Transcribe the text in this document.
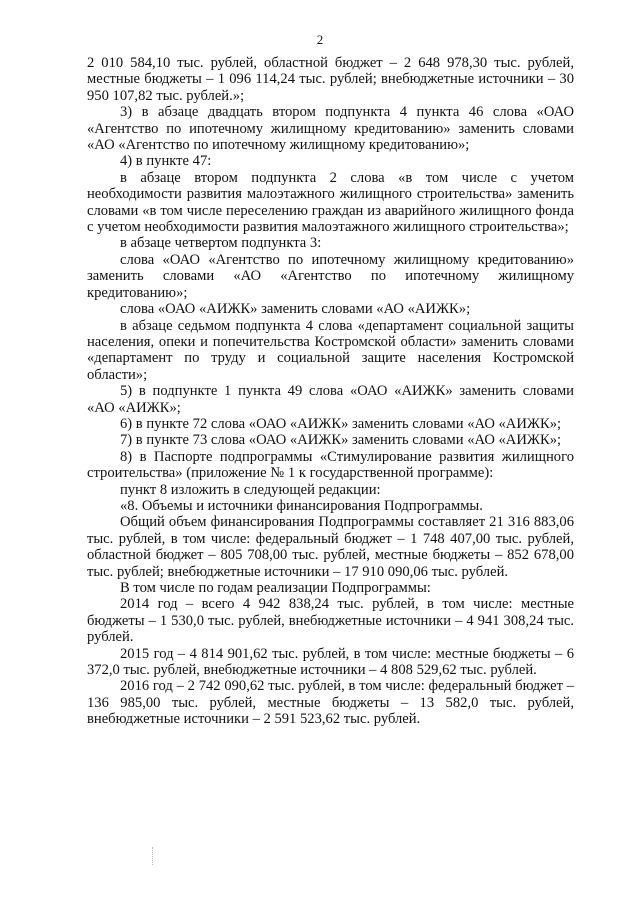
2

2 010 584,10 тыс. рублей, областной бюджет – 2 648 978,30 тыс. рублей, местные бюджеты – 1 096 114,24 тыс. рублей; внебюджетные источники – 30 950 107,82 тыс. рублей.»;

3) в абзаце двадцать втором подпункта 4 пункта 46 слова «ОАО «Агентство по ипотечному жилищному кредитованию» заменить словами «АО «Агентство по ипотечному жилищному кредитованию»;

4) в пункте 47:

в абзаце втором подпункта 2 слова «в том числе с учетом необходимости развития малоэтажного жилищного строительства» заменить словами «в том числе переселению граждан из аварийного жилищного фонда с учетом необходимости развития малоэтажного жилищного строительства»;

в абзаце четвертом подпункта 3:

слова «ОАО «Агентство по ипотечному жилищному кредитованию» заменить словами «АО «Агентство по ипотечному жилищному кредитованию»;

слова «ОАО «АИЖК» заменить словами «АО «АИЖК»;

в абзаце седьмом подпункта 4 слова «департамент социальной защиты населения, опеки и попечительства Костромской области» заменить словами «департамент по труду и социальной защите населения Костромской области»;

5) в подпункте 1 пункта 49 слова «ОАО «АИЖК» заменить словами «АО «АИЖК»;

6) в пункте 72 слова «ОАО «АИЖК» заменить словами «АО «АИЖК»;

7) в пункте 73 слова «ОАО «АИЖК» заменить словами «АО «АИЖК»;

8) в Паспорте подпрограммы «Стимулирование развития жилищного строительства» (приложение № 1 к государственной программе):

пункт 8 изложить в следующей редакции:

«8. Объемы и источники финансирования Подпрограммы.

Общий объем финансирования Подпрограммы составляет 21 316 883,06 тыс. рублей, в том числе: федеральный бюджет – 1 748 407,00 тыс. рублей, областной бюджет – 805 708,00 тыс. рублей, местные бюджеты – 852 678,00 тыс. рублей; внебюджетные источники – 17 910 090,06 тыс. рублей.

В том числе по годам реализации Подпрограммы:

2014 год – всего 4 942 838,24 тыс. рублей, в том числе: местные бюджеты – 1 530,0 тыс. рублей, внебюджетные источники – 4 941 308,24 тыс. рублей.

2015 год – 4 814 901,62 тыс. рублей, в том числе: местные бюджеты – 6 372,0 тыс. рублей, внебюджетные источники – 4 808 529,62 тыс. рублей.

2016 год – 2 742 090,62 тыс. рублей, в том числе: федеральный бюджет – 136 985,00 тыс. рублей, местные бюджеты – 13 582,0 тыс. рублей, внебюджетные источники – 2 591 523,62 тыс. рублей.
